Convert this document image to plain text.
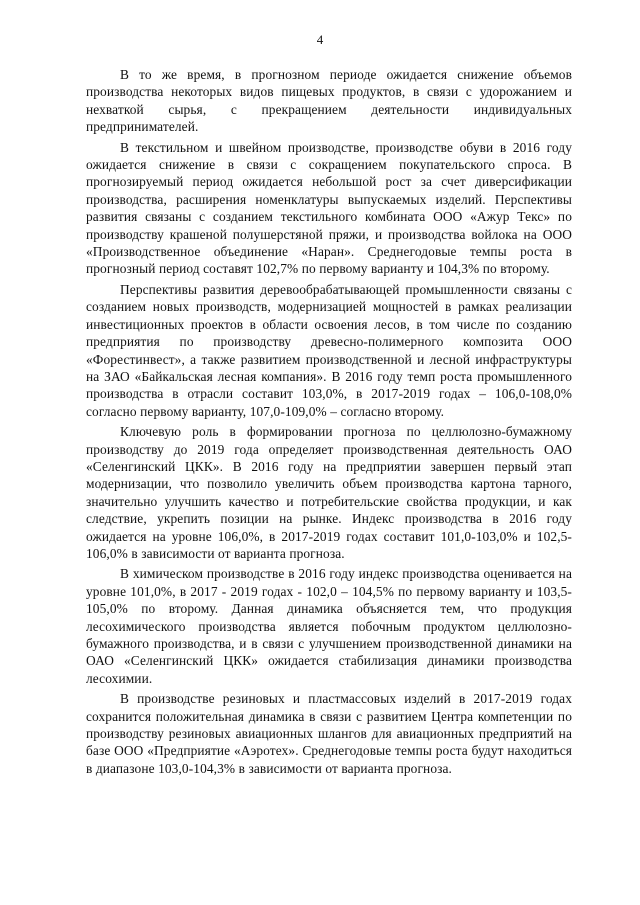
4

В то же время, в прогнозном периоде ожидается снижение объемов производства некоторых видов пищевых продуктов, в связи с удорожанием и нехваткой сырья, с прекращением деятельности индивидуальных предпринимателей.

В текстильном и швейном производстве, производстве обуви в 2016 году ожидается снижение в связи с сокращением покупательского спроса. В прогнозируемый период ожидается небольшой рост за счет диверсификации производства, расширения номенклатуры выпускаемых изделий. Перспективы развития связаны с созданием текстильного комбината ООО «Ажур Текс» по производству крашеной полушерстяной пряжи, и производства войлока на ООО «Производственное объединение «Наран». Среднегодовые темпы роста в прогнозный период составят 102,7% по первому варианту и 104,3% по второму.

Перспективы развития деревообрабатывающей промышленности связаны с созданием новых производств, модернизацией мощностей в рамках реализации инвестиционных проектов в области освоения лесов, в том числе по созданию предприятия по производству древесно-полимерного композита ООО «Форестинвест», а также развитием производственной и лесной инфраструктуры на ЗАО «Байкальская лесная компания». В 2016 году темп роста промышленного производства в отрасли составит 103,0%, в 2017-2019 годах – 106,0-108,0% согласно первому варианту, 107,0-109,0% – согласно второму.

Ключевую роль в формировании прогноза по целлюлозно-бумажному производству до 2019 года определяет производственная деятельность ОАО «Селенгинский ЦКК». В 2016 году на предприятии завершен первый этап модернизации, что позволило увеличить объем производства картона тарного, значительно улучшить качество и потребительские свойства продукции, и как следствие, укрепить позиции на рынке. Индекс производства в 2016 году ожидается на уровне 106,0%, в 2017-2019 годах составит 101,0-103,0% и 102,5-106,0% в зависимости от варианта прогноза.

В химическом производстве в 2016 году индекс производства оценивается на уровне 101,0%, в 2017 - 2019 годах - 102,0 – 104,5% по первому варианту и 103,5-105,0% по второму. Данная динамика объясняется тем, что продукция лесохимического производства является побочным продуктом целлюлозно-бумажного производства, и в связи с улучшением производственной динамики на ОАО «Селенгинский ЦКК» ожидается стабилизация динамики производства лесохимии.

В производстве резиновых и пластмассовых изделий в 2017-2019 годах сохранится положительная динамика в связи с развитием Центра компетенции по производству резиновых авиационных шлангов для авиационных предприятий на базе ООО «Предприятие «Аэротех». Среднегодовые темпы роста будут находиться в диапазоне 103,0-104,3% в зависимости от варианта прогноза.
